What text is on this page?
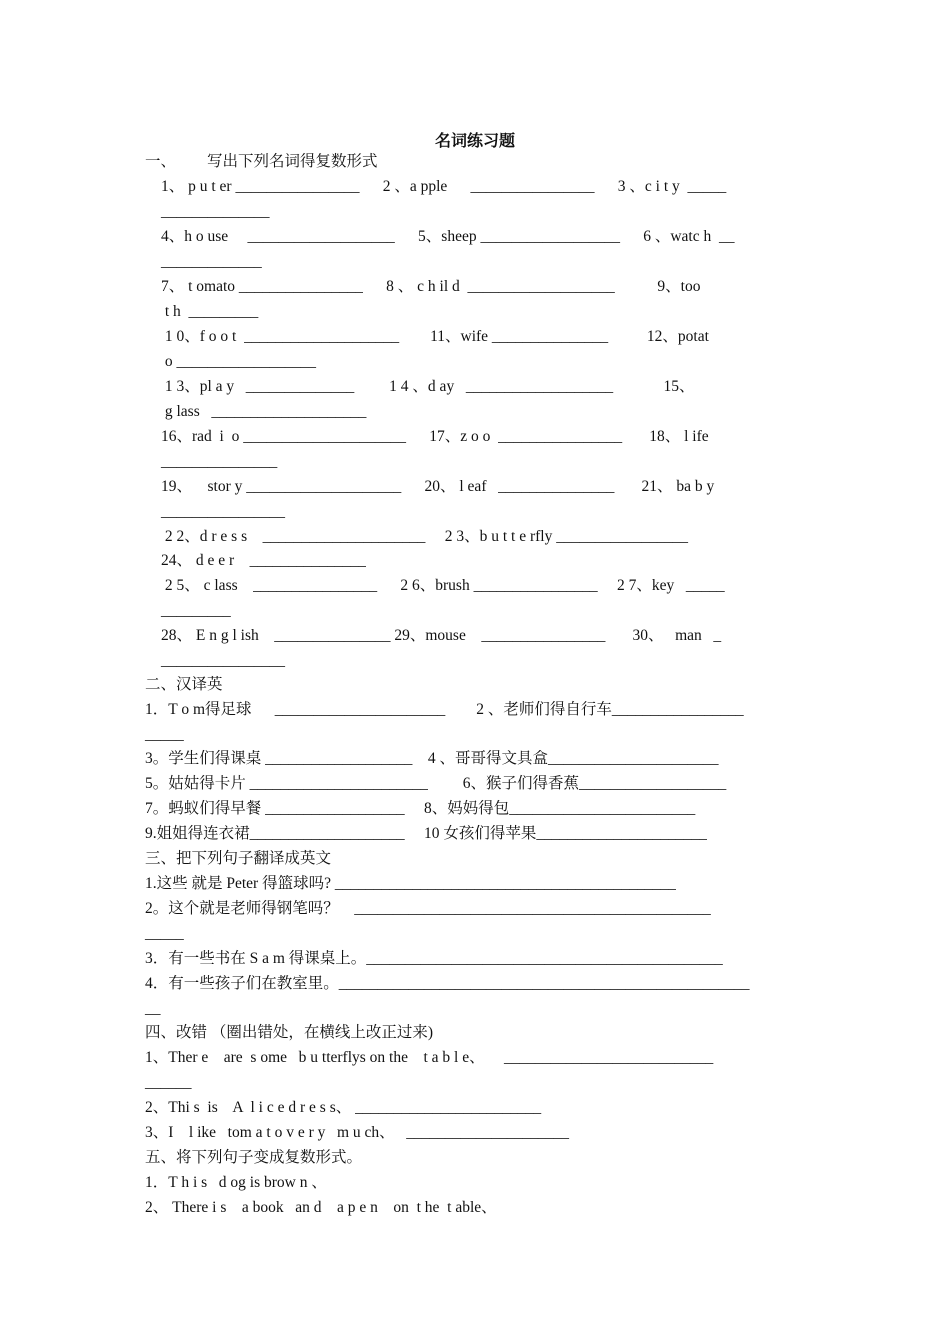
名词练习题
一、        写出下列名词得复数形式
1、 p u t er ________________      2 、a pple      ________________      3 、c i t y  _____
______________
4、h o use     ___________________      5、sheep __________________      6 、watc h  __
_____________
7、 t omato ________________      8 、 c h il d  ___________________           9、too
t h  _________
1 0、f o o t  ____________________        11、wife _______________          12、potat
o __________________
1 3、pl a y   ______________         1 4 、d ay   ___________________             15、
g lass   ____________________
16、rad  i  o _____________________      17、z o o  ________________       18、 l ife
_______________
19、    stor y ____________________      20、 l eaf   _______________       21、 ba b y
________________
2 2、d r e s s    _____________________     2 3、b u t t e rfly _________________
24、 d e e r    _______________
2 5、 c lass    ________________      2 6、brush ________________     2 7、key   _____
_________
28、 E n g l ish    _______________ 29、mouse    ________________       30、   man   _
________________
二、汉译英
1．T o m得足球      ______________________        2 、老师们得自行车_________________
_____
3。学生们得课桌 ___________________    4 、哥哥得文具盒______________________
5。姑姑得卡片 _______________________         6、猴子们得香蕉___________________
7。蚂蚁们得早餐 __________________     8、妈妈得包________________________
9.姐姐得连衣裙____________________     10 女孩们得苹果______________________
三、把下列句子翻译成英文
1.这些 就是 Peter 得篮球吗? ____________________________________________
2。这个就是老师得钢笔吗？    ______________________________________________
_____
3．有一些书在 S a m 得课桌上。______________________________________________
4．有一些孩子们在教室里。_____________________________________________________
__
四、改错 （圈出错处，在横线上改正过来)
1、Ther e    are  s ome   b u tterflys on the    t a b l e、     ___________________________
______
2、Thi s  is    A  l i c e d r e s s、 ________________________
3、I    l ike   tom a t o v e r y   m u ch、   _____________________
五、将下列句子变成复数形式。
1．T h i s   d og is brow n 、
2、 There i s    a book   an d    a p e n    on  t he  t able、
